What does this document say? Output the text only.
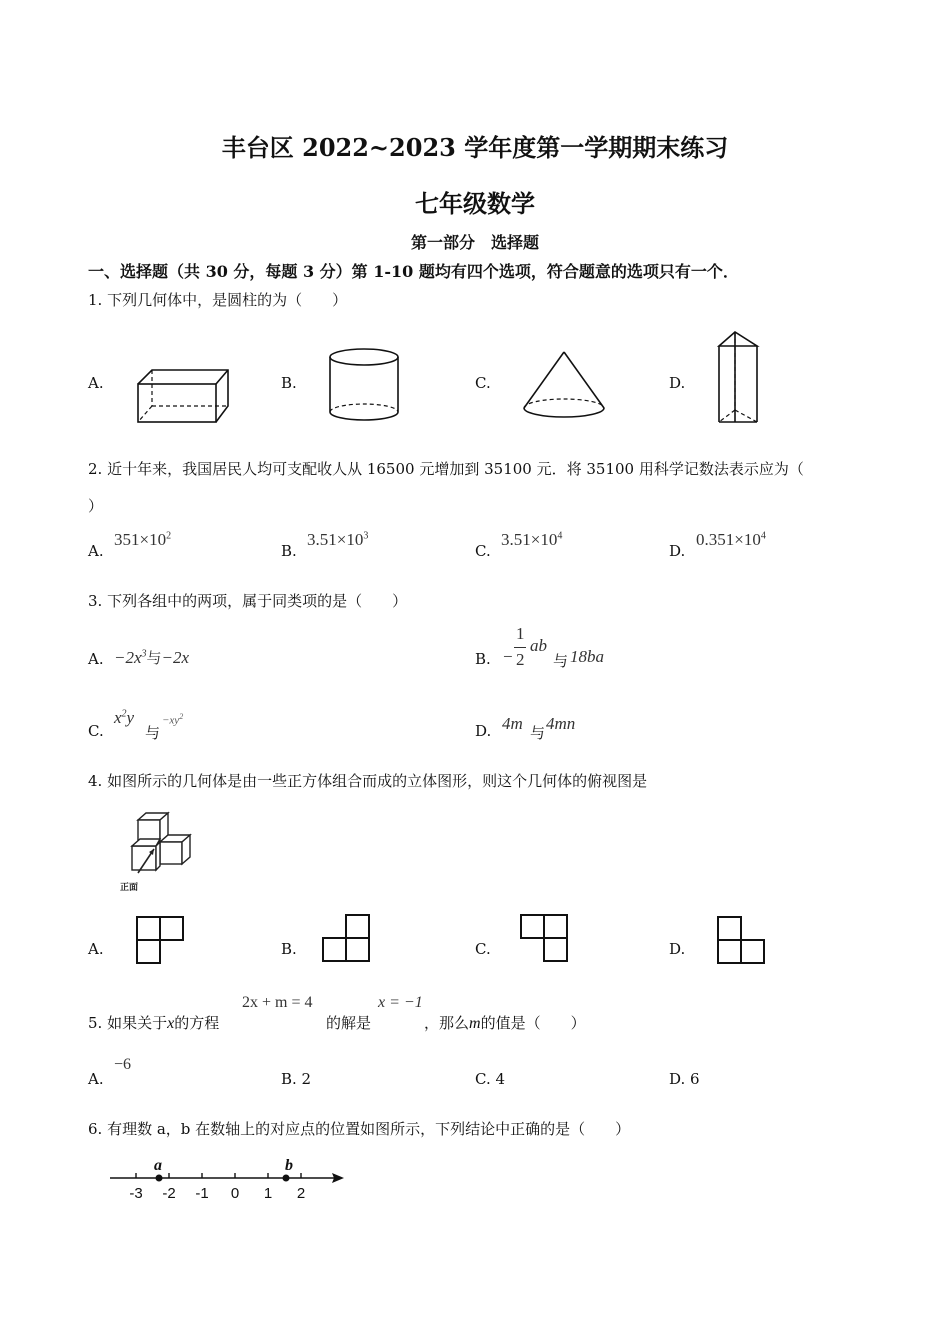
丰台区 2022~2023 学年度第一学期期末练习
七年级数学
第一部分　选择题
一、选择题（共 30 分，每题 3 分）第 1-10 题均有四个选项，符合题意的选项只有一个．
1. 下列几何体中，是圆柱的为（　　）
A.	B.	C.	D.
2. 近十年来，我国居民人均可支配收人从 16500 元增加到 35100 元．将 35100 用科学记数法表示应为（
）
A.
$351\times 10^2$
B.
$3.51\times 10^3$
C.
$3.51\times 10^4$
D.
$0.351\times 10^4$
3. 下列各组中的两项，属于同类项的是（　　）
A. $-2x^3$与−2x	B. −
1
2
ab
与 18ba
C.
$x^2y$
与
$-xy^2$
D. 4m 与 4mn
4. 如图所示的几何体是由一些正方体组合而成的立体图形，则这个几何体的俯视图是
正面
A.	B.	C.	D.
5. 如果关于x的方程
2x + m = 4
的解是
x = −1
，那么m的值是（　　）
A.
−6
B. 2	C. 4	D. 6
6. 有理数 a，b 在数轴上的对应点的位置如图所示，下列结论中正确的是（　　）
-3 -2 -1 0 1 2
a	b
